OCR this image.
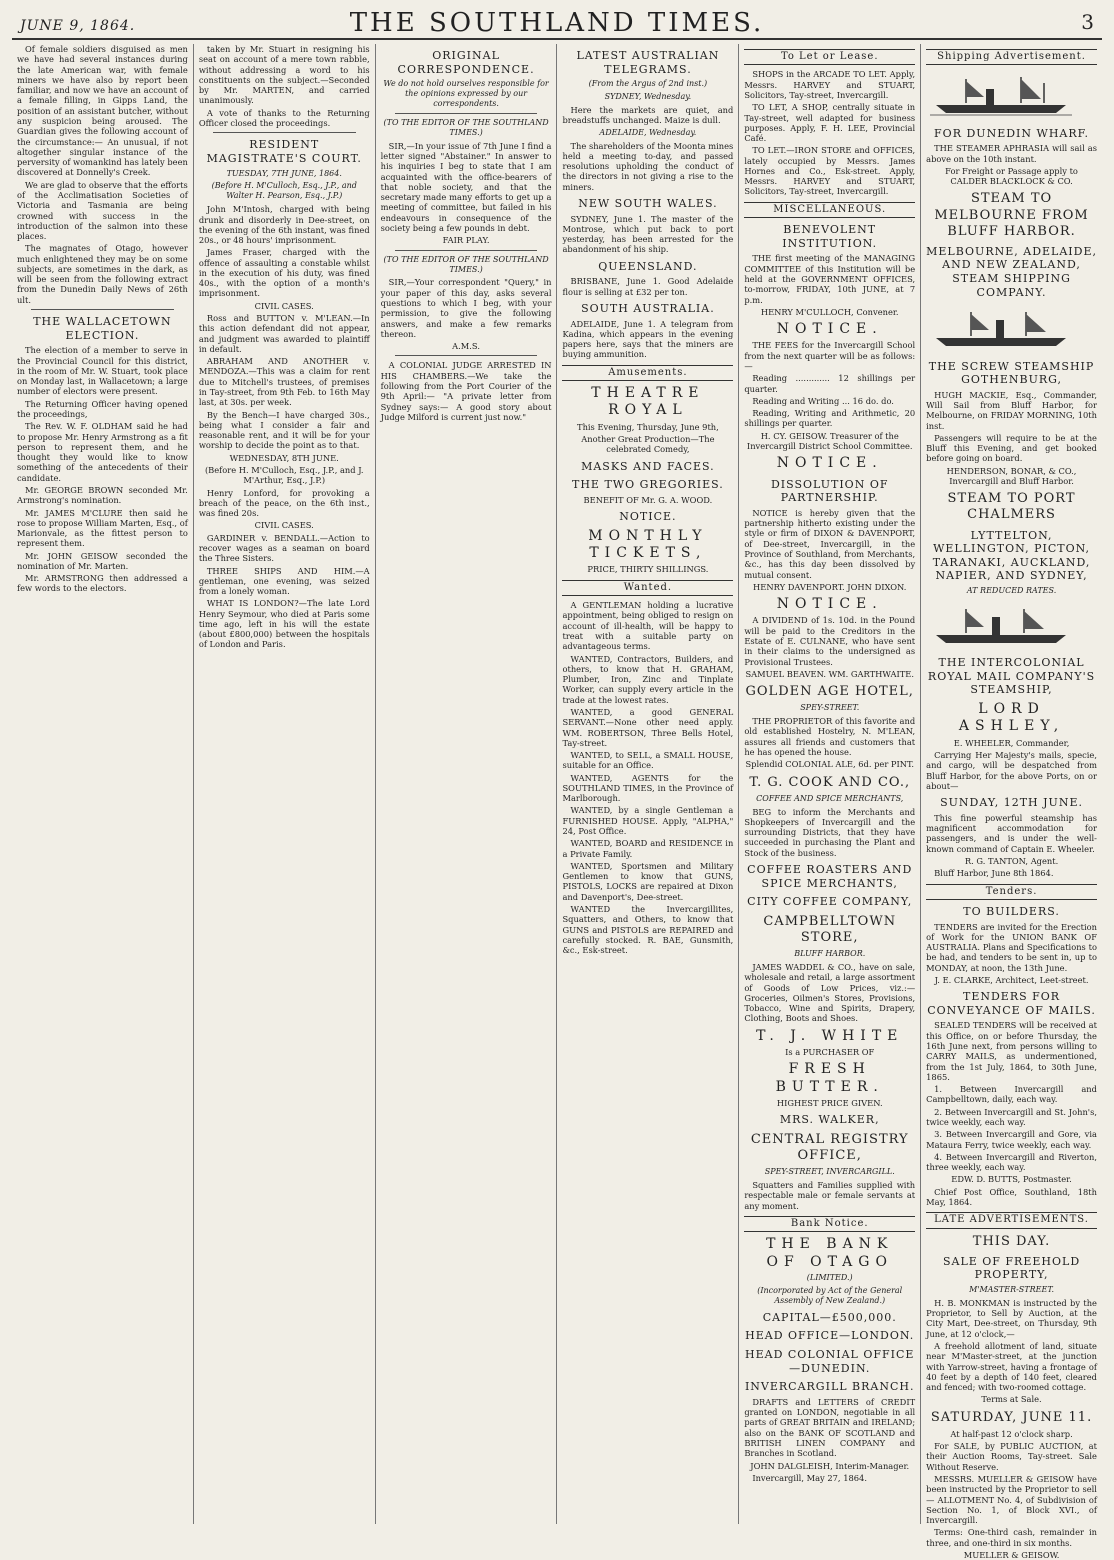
JUNE 9, 1864.	THE SOUTHLAND TIMES.	3

Of female soldiers disguised as men we have had several instances during the late American war, with female miners we have also by report been familiar, and now we have an account of a female filling, in Gipps Land, the position of an assistant butcher, without any suspicion being aroused. The Guardian gives the following account of the circumstance:— An unusual, if not altogether singular instance of the perversity of womankind has lately been discovered at Donnelly's Creek.

We are glad to observe that the efforts of the Acclimatisation Societies of Victoria and Tasmania are being crowned with success in the introduction of the salmon into these places.

The magnates of Otago, however much enlightened they may be on some subjects, are sometimes in the dark, as will be seen from the following extract from the Dunedin Daily News of 26th ult.

THE WALLACETOWN ELECTION.

The election of a member to serve in the Provincial Council for this district, in the room of Mr. W. Stuart, took place on Monday last, in Wallacetown; a large number of electors were present.

The Returning Officer having opened the proceedings,

The Rev. W. F. OLDHAM said he had to propose Mr. Henry Armstrong as a fit person to represent them, and he thought they would like to know something of the antecedents of their candidate.

Mr. GEORGE BROWN seconded Mr. Armstrong's nomination.

Mr. JAMES M'CLURE then said he rose to propose William Marten, Esq., of Marionvale, as the fittest person to represent them.

Mr. JOHN GEISOW seconded the nomination of Mr. Marten.

Mr. ARMSTRONG then addressed a few words to the electors.

taken by Mr. Stuart in resigning his seat on account of a mere town rabble, without addressing a word to his constituents on the subject.—Seconded by Mr. MARTEN, and carried unanimously.

A vote of thanks to the Returning Officer closed the proceedings.

RESIDENT MAGISTRATE'S COURT.
TUESDAY, 7TH JUNE, 1864.
(Before H. M'Culloch, Esq., J.P., and Walter H. Pearson, Esq., J.P.)

John M'Intosh, charged with being drunk and disorderly in Dee-street, on the evening of the 6th instant, was fined 20s., or 48 hours' imprisonment.

James Fraser, charged with the offence of assaulting a constable whilst in the execution of his duty, was fined 40s., with the option of a month's imprisonment.

CIVIL CASES.

Ross and BUTTON v. M'LEAN.—In this action defendant did not appear, and judgment was awarded to plaintiff in default.

ABRAHAM AND ANOTHER v. MENDOZA.—This was a claim for rent due to Mitchell's trustees, of premises in Tay-street, from 9th Feb. to 16th May last, at 30s. per week.

By the Bench—I have charged 30s., being what I consider a fair and reasonable rent, and it will be for your worship to decide the point as to that.

WEDNESDAY, 8TH JUNE.

(Before H. M'Culloch, Esq., J.P., and J. M'Arthur, Esq., J.P.)

Henry Lonford, for provoking a breach of the peace, on the 6th inst., was fined 20s.

CIVIL CASES.

GARDINER v. BENDALL.—Action to recover wages as a seaman on board the Three Sisters.

THREE SHIPS AND HIM.—A gentleman, one evening, was seized from a lonely woman.

WHAT IS LONDON?—The late Lord Henry Seymour, who died at Paris some time ago, left in his will the estate (about £800,000) between the hospitals of London and Paris.

ORIGINAL CORRESPONDENCE.
We do not hold ourselves responsible for the opinions expressed by our correspondents.
(TO THE EDITOR OF THE SOUTHLAND TIMES.)

SIR,—In your issue of 7th June I find a letter signed "Abstainer." In answer to his inquiries I beg to state that I am acquainted with the office-bearers of that noble society, and that the secretary made many efforts to get up a meeting of committee, but failed in his endeavours in consequence of the society being a few pounds in debt.

FAIR PLAY.

(TO THE EDITOR OF THE SOUTHLAND TIMES.)

SIR,—Your correspondent "Query," in your paper of this day, asks several questions to which I beg, with your permission, to give the following answers, and make a few remarks thereon.

A.M.S.

A COLONIAL JUDGE ARRESTED IN HIS CHAMBERS.—We take the following from the Port Courier of the 9th April:— "A private letter from Sydney says:— A good story about Judge Milford is current just now."

LATEST AUSTRALIAN TELEGRAMS.
(From the Argus of 2nd inst.)
SYDNEY, Wednesday.

Here the markets are quiet, and breadstuffs unchanged. Maize is dull.

ADELAIDE, Wednesday.

The shareholders of the Moonta mines held a meeting to-day, and passed resolutions upholding the conduct of the directors in not giving a rise to the miners.

NEW SOUTH WALES.

SYDNEY, June 1. The master of the Montrose, which put back to port yesterday, has been arrested for the abandonment of his ship.

QUEENSLAND.

BRISBANE, June 1. Good Adelaide flour is selling at £32 per ton.

SOUTH AUSTRALIA.

ADELAIDE, June 1. A telegram from Kadina, which appears in the evening papers here, says that the miners are buying ammunition.

Amusements.
THEATRE ROYAL

This Evening, Thursday, June 9th,

Another Great Production—The celebrated Comedy,

MASKS AND FACES.
THE TWO GREGORIES.

BENEFIT OF Mr. G. A. WOOD.

NOTICE.
MONTHLY TICKETS,

PRICE, THIRTY SHILLINGS.

Wanted.

A GENTLEMAN holding a lucrative appointment, being obliged to resign on account of ill-health, will be happy to treat with a suitable party on advantageous terms.

WANTED, Contractors, Builders, and others, to know that H. GRAHAM, Plumber, Iron, Zinc and Tinplate Worker, can supply every article in the trade at the lowest rates.

WANTED, a good GENERAL SERVANT.—None other need apply. WM. ROBERTSON, Three Bells Hotel, Tay-street.

WANTED, to SELL, a SMALL HOUSE, suitable for an Office.

WANTED, AGENTS for the SOUTHLAND TIMES, in the Province of Marlborough.

WANTED, by a single Gentleman a FURNISHED HOUSE. Apply, "ALPHA," 24, Post Office.

WANTED, BOARD and RESIDENCE in a Private Family.

WANTED, Sportsmen and Military Gentlemen to know that GUNS, PISTOLS, LOCKS are repaired at Dixon and Davenport's, Dee-street.

WANTED the Invercargillites, Squatters, and Others, to know that GUNS and PISTOLS are REPAIRED and carefully stocked. R. BAE, Gunsmith, &c., Esk-street.

To Let or Lease.

SHOPS in the ARCADE TO LET. Apply, Messrs. HARVEY and STUART, Solicitors, Tay-street, Invercargill.

TO LET, A SHOP, centrally situate in Tay-street, well adapted for business purposes. Apply, F. H. LEE, Provincial Café.

TO LET.—IRON STORE and OFFICES, lately occupied by Messrs. James Hornes and Co., Esk-street. Apply, Messrs. HARVEY and STUART, Solicitors, Tay-street, Invercargill.

MISCELLANEOUS.
BENEVOLENT INSTITUTION.

THE first meeting of the MANAGING COMMITTEE of this Institution will be held at the GOVERNMENT OFFICES, to-morrow, FRIDAY, 10th JUNE, at 7 p.m.

HENRY M'CULLOCH, Convener.

NOTICE.

THE FEES for the Invercargill School from the next quarter will be as follows:—

Reading ............. 12 shillings per quarter.

Reading and Writing ... 16 do. do.

Reading, Writing and Arithmetic, 20 shillings per quarter.

H. CY. GEISOW. Treasurer of the Invercargill District School Committee.

NOTICE.
DISSOLUTION OF PARTNERSHIP.

NOTICE is hereby given that the partnership hitherto existing under the style or firm of DIXON & DAVENPORT, of Dee-street, Invercargill, in the Province of Southland, from Merchants, &c., has this day been dissolved by mutual consent.

HENRY DAVENPORT. JOHN DIXON.

NOTICE.

A DIVIDEND of 1s. 10d. in the Pound will be paid to the Creditors in the Estate of E. CULNANE, who have sent in their claims to the undersigned as Provisional Trustees.

SAMUEL BEAVEN. WM. GARTHWAITE.

GOLDEN AGE HOTEL,
SPEY-STREET.

THE PROPRIETOR of this favorite and old established Hostelry, N. M'LEAN, assures all friends and customers that he has opened the house.

Splendid COLONIAL ALE, 6d. per PINT.

T. G. COOK AND CO.,
COFFEE AND SPICE MERCHANTS,

BEG to inform the Merchants and Shopkeepers of Invercargill and the surrounding Districts, that they have succeeded in purchasing the Plant and Stock of the business.

COFFEE ROASTERS AND SPICE MERCHANTS,
CITY COFFEE COMPANY,
CAMPBELLTOWN STORE,
BLUFF HARBOR.

JAMES WADDEL & CO., have on sale, wholesale and retail, a large assortment of Goods of Low Prices, viz.:— Groceries, Oilmen's Stores, Provisions, Tobacco, Wine and Spirits, Drapery, Clothing, Boots and Shoes.

T. J. WHITE

Is a PURCHASER OF

FRESH BUTTER.

HIGHEST PRICE GIVEN.

MRS. WALKER,
CENTRAL REGISTRY OFFICE,
SPEY-STREET, INVERCARGILL.

Squatters and Families supplied with respectable male or female servants at any moment.

Bank Notice.
THE BANK OF OTAGO
(LIMITED.)
(Incorporated by Act of the General Assembly of New Zealand.)
CAPITAL—£500,000.
HEAD OFFICE—LONDON.
HEAD COLONIAL OFFICE—DUNEDIN.
INVERCARGILL BRANCH.

DRAFTS and LETTERS of CREDIT granted on LONDON, negotiable in all parts of GREAT BRITAIN and IRELAND; also on the BANK OF SCOTLAND and BRITISH LINEN COMPANY and Branches in Scotland.

JOHN DALGLEISH, Interim-Manager.

Invercargill, May 27, 1864.

Shipping Advertisement.
FOR DUNEDIN WHARF.

THE STEAMER APHRASIA will sail as above on the 10th instant.

For Freight or Passage apply to CALDER BLACKLOCK & CO.

STEAM TO MELBOURNE FROM BLUFF HARBOR.
MELBOURNE, ADELAIDE, AND NEW ZEALAND, STEAM SHIPPING COMPANY.
THE SCREW STEAMSHIP GOTHENBURG,

HUGH MACKIE, Esq., Commander, Will Sail from Bluff Harbor, for Melbourne, on FRIDAY MORNING, 10th inst.

Passengers will require to be at the Bluff this Evening, and get booked before going on board.

HENDERSON, BONAR, & CO., Invercargill and Bluff Harbor.

STEAM TO PORT CHALMERS
LYTTELTON, WELLINGTON, PICTON, TARANAKI, AUCKLAND, NAPIER, AND SYDNEY,
AT REDUCED RATES.
THE INTERCOLONIAL ROYAL MAIL COMPANY'S STEAMSHIP,
LORD ASHLEY,

E. WHEELER, Commander,

Carrying Her Majesty's mails, specie, and cargo, will be despatched from Bluff Harbor, for the above Ports, on or about—

SUNDAY, 12TH JUNE.

This fine powerful steamship has magnificent accommodation for passengers, and is under the well-known command of Captain E. Wheeler.

R. G. TANTON, Agent.

Bluff Harbor, June 8th 1864.

Tenders.
TO BUILDERS.

TENDERS are invited for the Erection of Work for the UNION BANK OF AUSTRALIA. Plans and Specifications to be had, and tenders to be sent in, up to MONDAY, at noon, the 13th June.

J. E. CLARKE, Architect, Leet-street.

TENDERS FOR CONVEYANCE OF MAILS.

SEALED TENDERS will be received at this Office, on or before Thursday, the 16th June next, from persons willing to CARRY MAILS, as undermentioned, from the 1st July, 1864, to 30th June, 1865.

1. Between Invercargill and Campbelltown, daily, each way.

2. Between Invercargill and St. John's, twice weekly, each way.

3. Between Invercargill and Gore, via Mataura Ferry, twice weekly, each way.

4. Between Invercargill and Riverton, three weekly, each way.

EDW. D. BUTTS, Postmaster.

Chief Post Office, Southland, 18th May, 1864.

LATE ADVERTISEMENTS.
THIS DAY.
SALE OF FREEHOLD PROPERTY,
M'MASTER-STREET.

H. B. MONKMAN is instructed by the Proprietor, to Sell by Auction, at the City Mart, Dee-street, on Thursday, 9th June, at 12 o'clock,—

A freehold allotment of land, situate near M'Master-street, at the junction with Yarrow-street, having a frontage of 40 feet by a depth of 140 feet, cleared and fenced; with two-roomed cottage.

Terms at Sale.

SATURDAY, JUNE 11.

At half-past 12 o'clock sharp.

For SALE, by PUBLIC AUCTION, at their Auction Rooms, Tay-street. Sale Without Reserve.

MESSRS. MUELLER & GEISOW have been instructed by the Proprietor to sell— ALLOTMENT No. 4, of Subdivision of Section No. 1, of Block XVI., of Invercargill.

Terms: One-third cash, remainder in three, and one-third in six months.

MUELLER & GEISOW.
